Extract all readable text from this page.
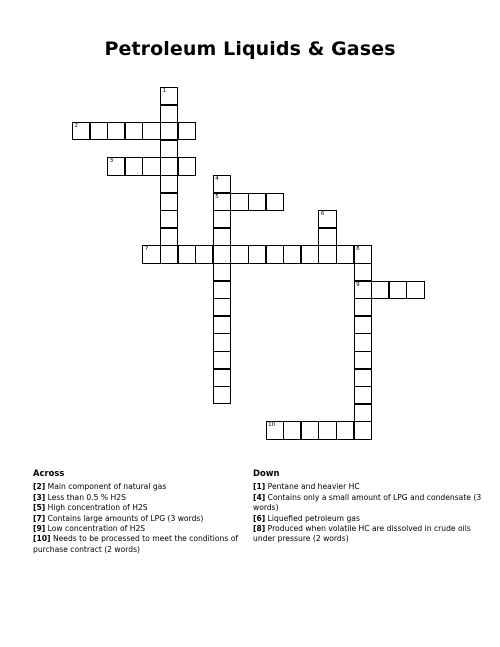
Petroleum Liquids & Gases
1
2
3
4
5
6
7	8
9
10
Across
[2] Main component of natural gas
[3] Less than 0.5 % H2S
[5] High concentration of H2S
[7] Contains large amounts of LPG (3 words)
[9] Low concentration of H2S
[10] Needs to be processed to meet the conditions of purchase contract (2 words)
Down
[1] Pentane and heavier HC
[4] Contains only a small amount of LPG and condensate (3 words)
[6] Liquefied petroleum gas
[8] Produced when volatile HC are dissolved in crude oils under pressure (2 words)
